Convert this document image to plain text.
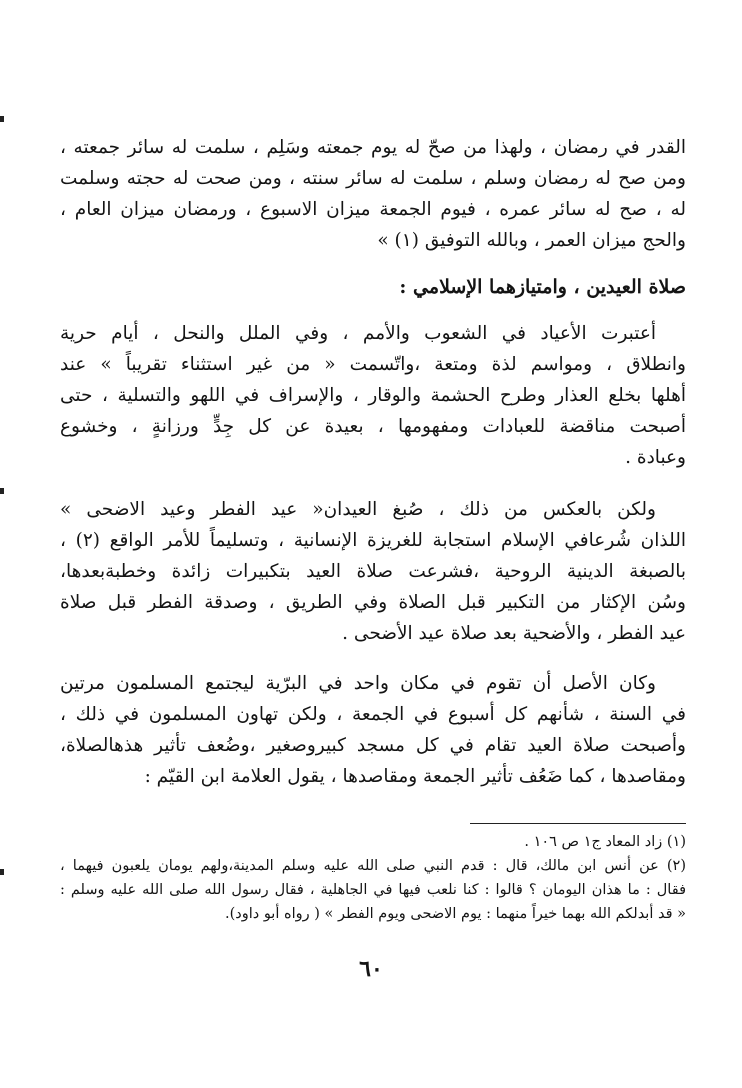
القدر في رمضان ، ولهذا من صحّ له يوم جمعته وسَلِم ، سلمت له سائر جمعته ،
ومن صح له رمضان وسلم ، سلمت له سائر سنته ، ومن صحت له حجته وسلمت
له ، صح له سائر عمره ، فيوم الجمعة ميزان الاسبوع ، ورمضان ميزان العام ،
والحج ميزان العمر ، وبالله التوفيق (١) »
صلاة العيدين ، وامتيازهما الإسلامي :
أعتبرت الأعياد في الشعوب والأمم ، وفي الملل والنحل ، أيام حرية
وانطلاق ، ومواسم لذة ومتعة ،واتّسمت « من غير استثناء تقريباً » عند
أهلها بخلع العذار وطرح الحشمة والوقار ، والإسراف في اللهو والتسلية ، حتى
أصبحت مناقضة للعبادات ومفهومها ، بعيدة عن كل جِدٍّ ورزانةٍ ، وخشوع
وعبادة .
ولكن بالعكس من ذلك ، صُبغ العيدان« عيد الفطر وعيد الاضحى »
اللذان شُرعافي الإسلام استجابة للغريزة الإنسانية ، وتسليماً للأمر الواقع (٢) ،
بالصبغة الدينية الروحية ،فشرعت صلاة العيد بتكبيرات زائدة وخطبةبعدها،
وسُن الإكثار من التكبير قبل الصلاة وفي الطريق ، وصدقة الفطر قبل صلاة
عيد الفطر ، والأضحية بعد صلاة عيد الأضحى .
وكان الأصل أن تقوم في مكان واحد في البرّية ليجتمع المسلمون مرتين
في السنة ، شأنهم كل أسبوع في الجمعة ، ولكن تهاون المسلمون في ذلك ،
وأصبحت صلاة العيد تقام في كل مسجد كبيروصغير ،وضُعف تأثير هذهالصلاة،
ومقاصدها ، كما ضَعُف تأثير الجمعة ومقاصدها ، يقول العلامة ابن القيّم :
(١) زاد المعاد ج١ ص ١٠٦ .
(٢) عن أنس ابن مالك، قال : قدم النبي صلى الله عليه وسلم المدينة،ولهم يومان يلعبون فيهما ،
فقال : ما هذان اليومان ؟ قالوا : كنا نلعب فيها في الجاهلية ، فقال رسول الله صلى الله عليه وسلم :
« قد أبدلكم الله بهما خيراً منهما : يوم الاضحى ويوم الفطر » ( رواه أبو داود).
٦٠
